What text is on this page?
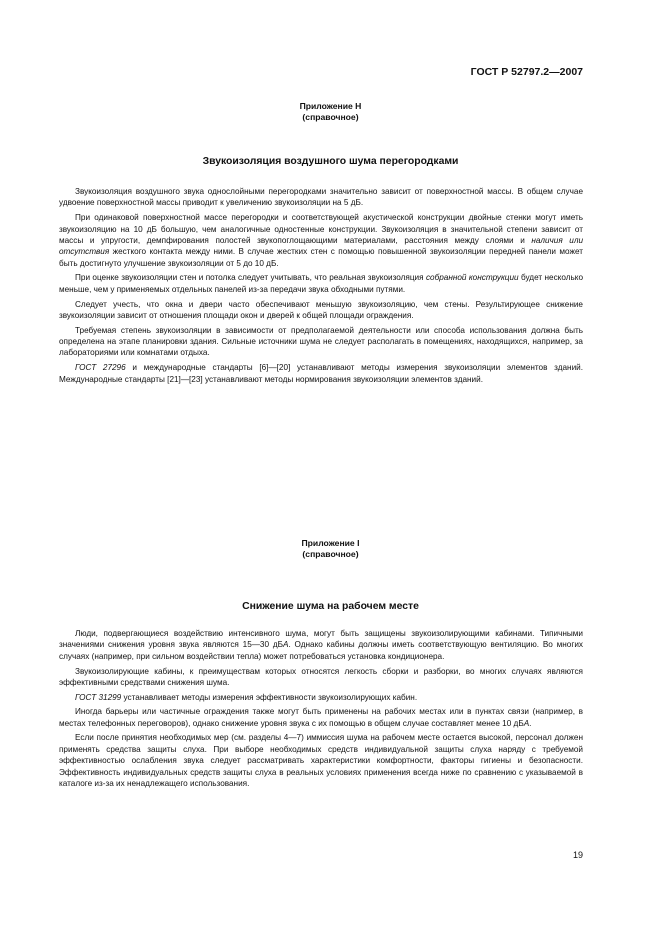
ГОСТ Р 52797.2—2007
Приложение Н
(справочное)
Звукоизоляция воздушного шума перегородками

Звукоизоляция воздушного звука однослойными перегородками значительно зависит от поверхностной массы. В общем случае удвоение поверхностной массы приводит к увеличению звукоизоляции на 5 дБ.

При одинаковой поверхностной массе перегородки и соответствующей акустической конструкции двойные стенки могут иметь звукоизоляцию на 10 дБ большую, чем аналогичные одностенные конструкции. Звукоизоляция в значительной степени зависит от массы и упругости, демпфирования полостей звукопоглощающими материалами, расстояния между слоями и наличия или отсутствия жесткого контакта между ними. В случае жестких стен с помощью повышенной звукоизоляции передней панели может быть достигнуто улучшение звукоизоляции от 5 до 10 дБ.

При оценке звукоизоляции стен и потолка следует учитывать, что реальная звукоизоляция собранной конструкции будет несколько меньше, чем у применяемых отдельных панелей из-за передачи звука обходными путями.

Следует учесть, что окна и двери часто обеспечивают меньшую звукоизоляцию, чем стены. Результирующее снижение звукоизоляции зависит от отношения площади окон и дверей к общей площади ограждения.

Требуемая степень звукоизоляции в зависимости от предполагаемой деятельности или способа использования должна быть определена на этапе планировки здания. Сильные источники шума не следует располагать в помещениях, находящихся, например, за лабораториями или комнатами отдыха.

ГОСТ 27296 и международные стандарты [6]—[20] устанавливают методы измерения звукоизоляции элементов зданий. Международные стандарты [21]—[23] устанавливают методы нормирования звукоизоляции элементов зданий.

Приложение I
(справочное)
Снижение шума на рабочем месте

Люди, подвергающиеся воздействию интенсивного шума, могут быть защищены звукоизолирующими кабинами. Типичными значениями снижения уровня звука являются 15—30 дБА. Однако кабины должны иметь соответствующую вентиляцию. Во многих случаях (например, при сильном воздействии тепла) может потребоваться установка кондиционера.

Звукоизолирующие кабины, к преимуществам которых относятся легкость сборки и разборки, во многих случаях являются эффективными средствами снижения шума.

ГОСТ 31299 устанавливает методы измерения эффективности звукоизолирующих кабин.

Иногда барьеры или частичные ограждения также могут быть применены на рабочих местах или в пунктах связи (например, в местах телефонных переговоров), однако снижение уровня звука с их помощью в общем случае составляет менее 10 дБА.

Если после принятия необходимых мер (см. разделы 4—7) иммиссия шума на рабочем месте остается высокой, персонал должен применять средства защиты слуха. При выборе необходимых средств индивидуальной защиты слуха наряду с требуемой эффективностью ослабления звука следует рассматривать характеристики комфортности, факторы гигиены и безопасности. Эффективность индивидуальных средств защиты слуха в реальных условиях применения всегда ниже по сравнению с указываемой в каталоге из-за их ненадлежащего использования.

19
